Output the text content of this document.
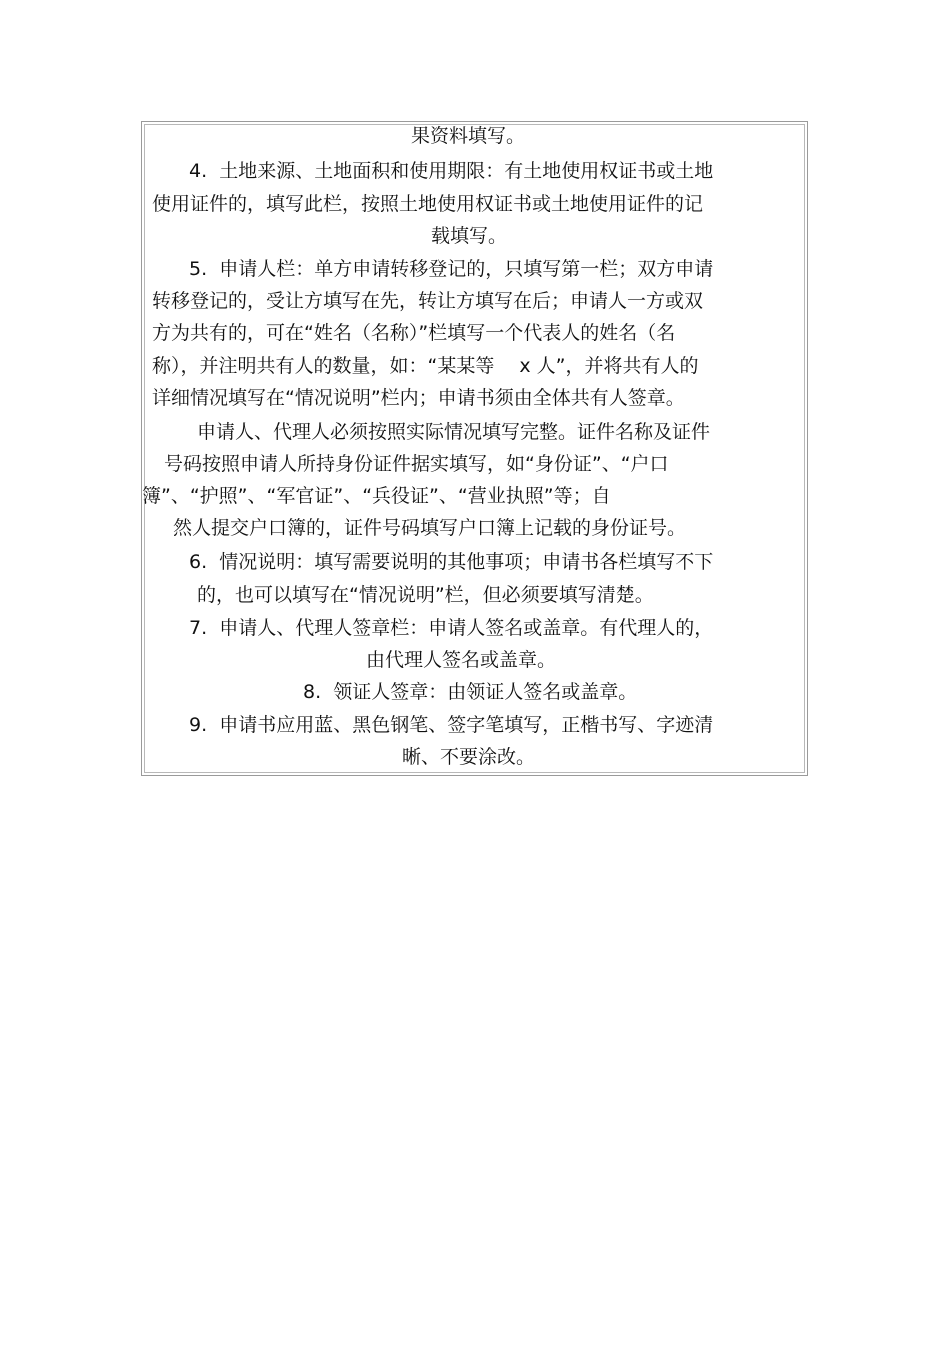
果资料填写。

4.  土地来源、土地面积和使用期限：有土地使用权证书或土地

使用证件的，填写此栏，按照土地使用权证书或土地使用证件的记

载填写。

5.  申请人栏：单方申请转移登记的，只填写第一栏；双方申请

转移登记的，受让方填写在先，转让方填写在后；申请人一方或双

方为共有的，可在“姓名（名称）”栏填写一个代表人的姓名（名

称），并注明共有人的数量，如：“某某等　 x 人”，并将共有人的

详细情况填写在“情况说明”栏内；申请书须由全体共有人签章。

申请人、代理人必须按照实际情况填写完整。证件名称及证件

号码按照申请人所持身份证件据实填写，如“身份证”、“户口

簿”、“护照”、“军官证”、“兵役证”、“营业执照”等；自

然人提交户口簿的，证件号码填写户口簿上记载的身份证号。

6.  情况说明：填写需要说明的其他事项；申请书各栏填写不下

的，也可以填写在“情况说明”栏，但必须要填写清楚。

7.  申请人、代理人签章栏：申请人签名或盖章。有代理人的，

由代理人签名或盖章。

8.  领证人签章：由领证人签名或盖章。

9.  申请书应用蓝、黑色钢笔、签字笔填写，正楷书写、字迹清

晰、不要涂改。
